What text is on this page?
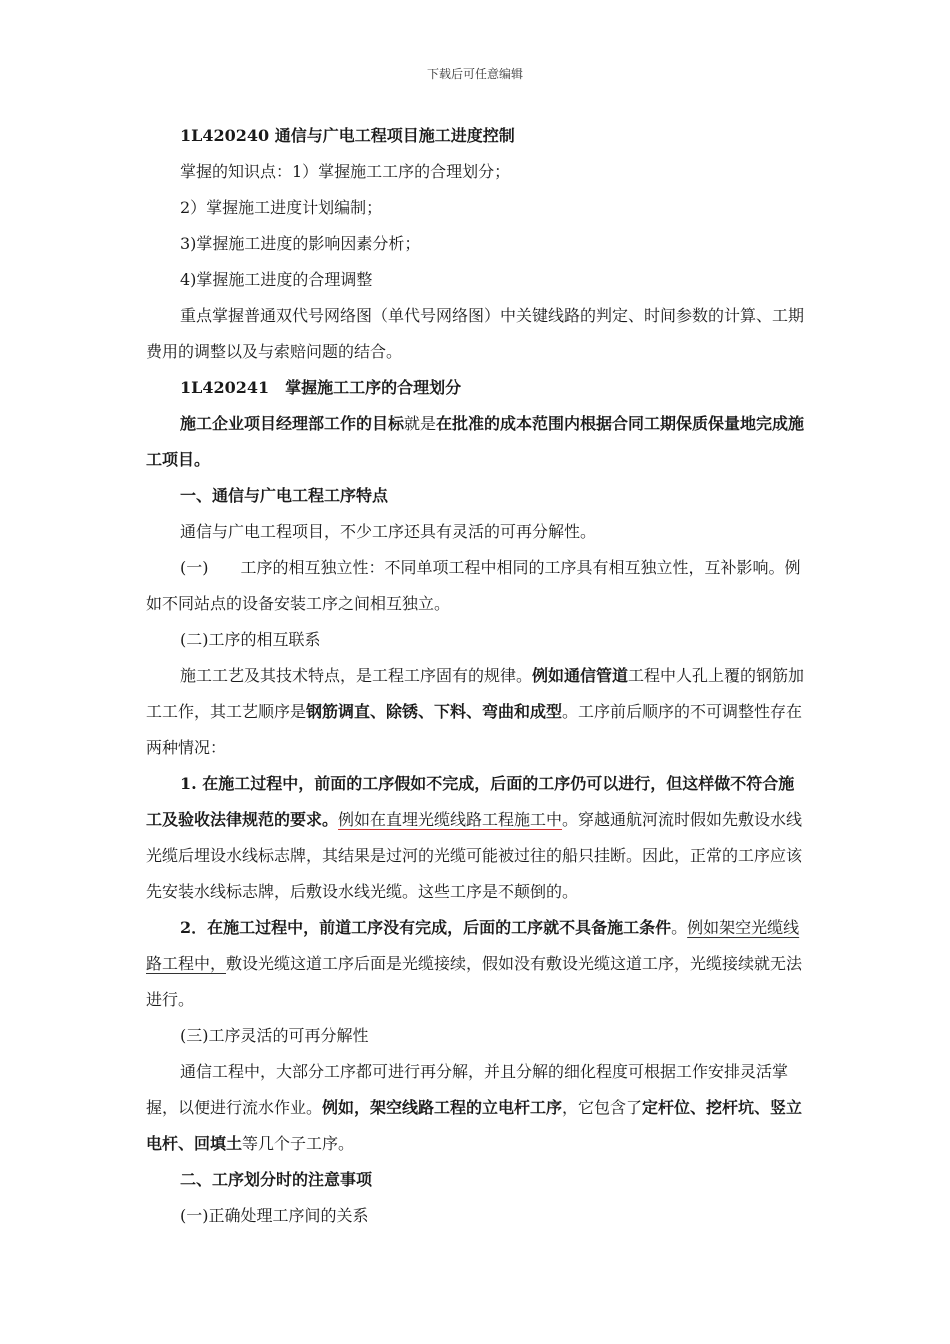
下载后可任意编辑

1L420240 通信与广电工程项目施工进度控制

掌握的知识点：1）掌握施工工序的合理划分；

2）掌握施工进度计划编制；

3)掌握施工进度的影响因素分析；

4)掌握施工进度的合理调整

重点掌握普通双代号网络图（单代号网络图）中关键线路的判定、时间参数的计算、工期费用的调整以及与索赔问题的结合。

1L420241　掌握施工工序的合理划分

施工企业项目经理部工作的目标就是在批准的成本范围内根据合同工期保质保量地完成施工项目。

一、通信与广电工程工序特点

通信与广电工程项目，不少工序还具有灵活的可再分解性。

(一) 工序的相互独立性：不同单项工程中相同的工序具有相互独立性，互补影响。例如不同站点的设备安装工序之间相互独立。

(二)工序的相互联系

施工工艺及其技术特点，是工程工序固有的规律。例如通信管道工程中人孔上覆的钢筋加工工作，其工艺顺序是钢筋调直、除锈、下料、弯曲和成型。工序前后顺序的不可调整性存在两种情况：

1. 在施工过程中，前面的工序假如不完成，后面的工序仍可以进行，但这样做不符合施工及验收法律规范的要求。例如在直埋光缆线路工程施工中。穿越通航河流时假如先敷设水线光缆后埋设水线标志牌，其结果是过河的光缆可能被过往的船只挂断。因此，正常的工序应该先安装水线标志牌，后敷设水线光缆。这些工序是不颠倒的。

2．在施工过程中，前道工序没有完成，后面的工序就不具备施工条件。例如架空光缆线路工程中，敷设光缆这道工序后面是光缆接续，假如没有敷设光缆这道工序，光缆接续就无法进行。

(三)工序灵活的可再分解性

通信工程中，大部分工序都可进行再分解，并且分解的细化程度可根据工作安排灵活掌握，以便进行流水作业。例如，架空线路工程的立电杆工序，它包含了定杆位、挖杆坑、竖立电杆、回填土等几个子工序。

二、工序划分时的注意事项

(一)正确处理工序间的关系
